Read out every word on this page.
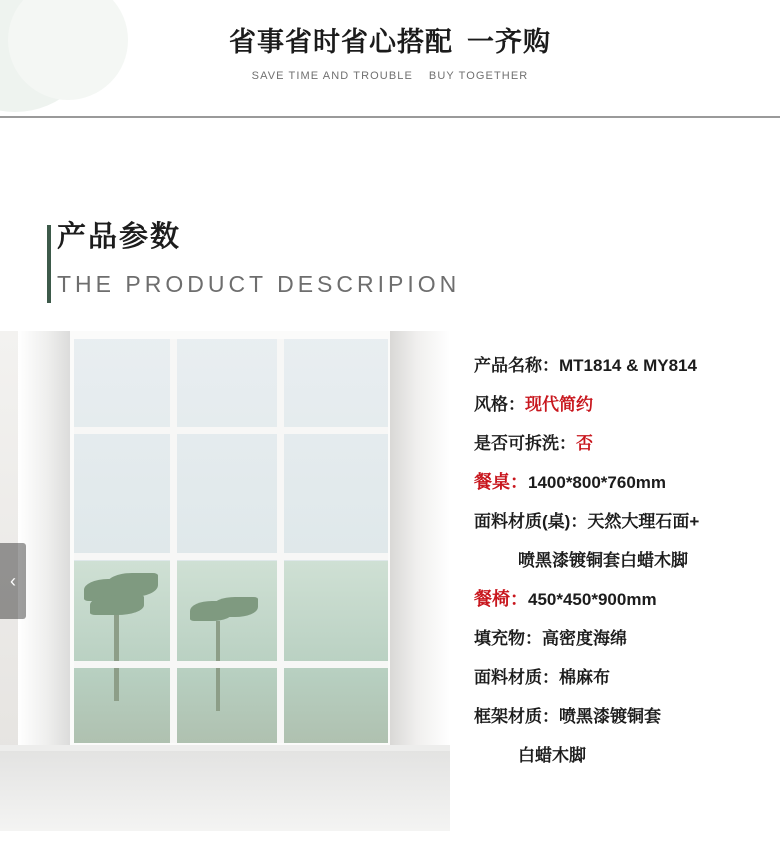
省事省时省心搭配 一齐购
SAVE TIME AND TROUBLE BUY TOGETHER
产品参数
THE PRODUCT DESCRIPION
‹
产品名称：MT1814 & MY814
风格：现代简约
是否可拆洗：否
餐桌：1400*800*760mm
面料材质(桌)：天然大理石面+
喷黑漆镀铜套白蜡木脚
餐椅：450*450*900mm
填充物：高密度海绵
面料材质：棉麻布
框架材质：喷黑漆镀铜套
白蜡木脚
